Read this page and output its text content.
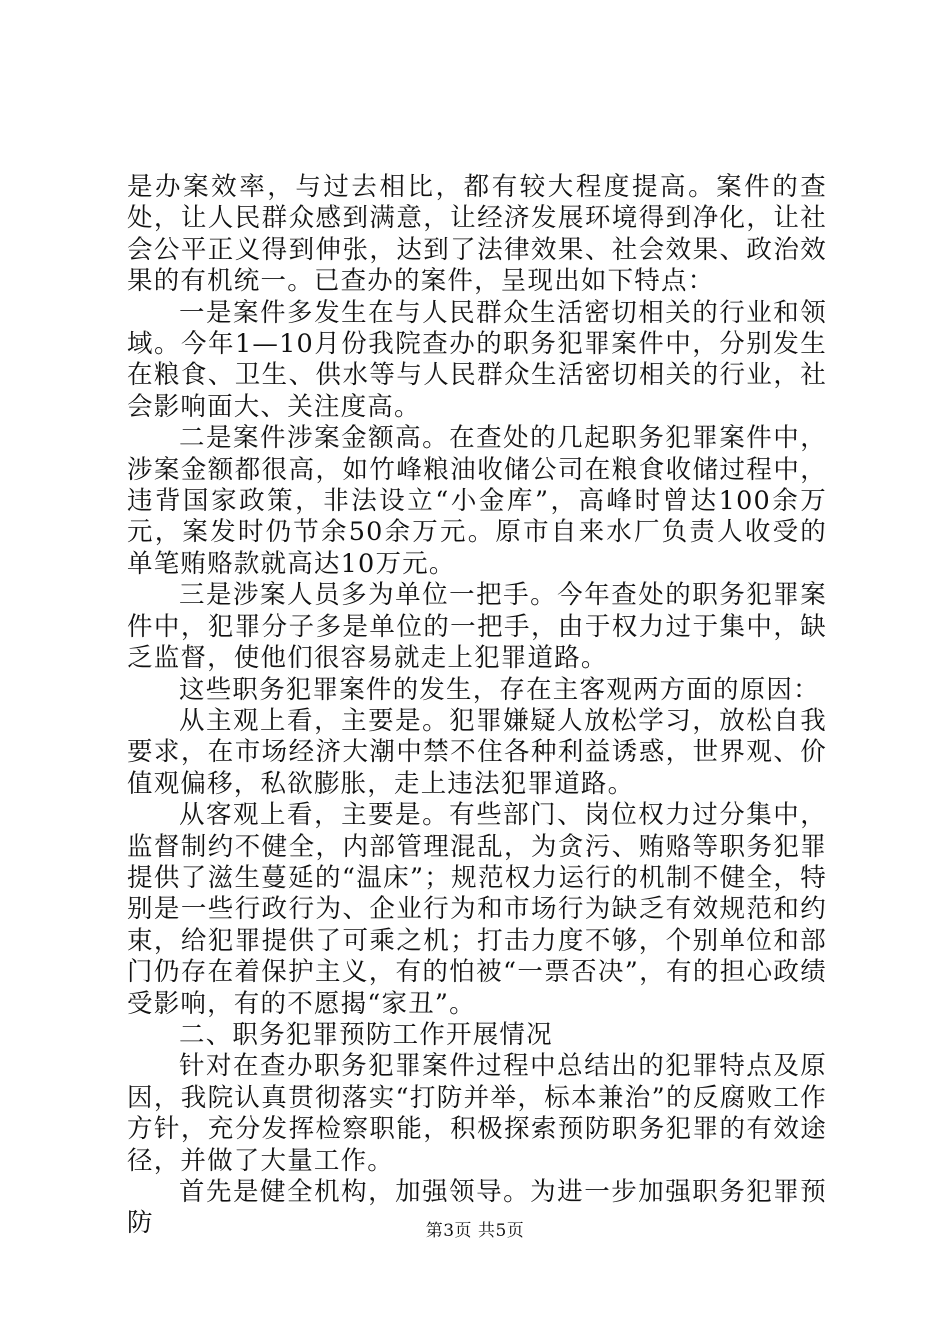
是办案效率，与过去相比，都有较大程度提高。案件的查处，让人民群众感到满意，让经济发展环境得到净化，让社会公平正义得到伸张，达到了法律效果、社会效果、政治效果的有机统一。已查办的案件，呈现出如下特点：

一是案件多发生在与人民群众生活密切相关的行业和领域。今年1—10月份我院查办的职务犯罪案件中，分别发生在粮食、卫生、供水等与人民群众生活密切相关的行业，社会影响面大、关注度高。

二是案件涉案金额高。在查处的几起职务犯罪案件中，涉案金额都很高，如竹峰粮油收储公司在粮食收储过程中，违背国家政策，非法设立“小金库”，高峰时曾达100余万元，案发时仍节余50余万元。原市自来水厂负责人收受的单笔贿赂款就高达10万元。

三是涉案人员多为单位一把手。今年查处的职务犯罪案件中，犯罪分子多是单位的一把手，由于权力过于集中，缺乏监督，使他们很容易就走上犯罪道路。

这些职务犯罪案件的发生，存在主客观两方面的原因：

从主观上看，主要是。犯罪嫌疑人放松学习，放松自我要求，在市场经济大潮中禁不住各种利益诱惑，世界观、价值观偏移，私欲膨胀，走上违法犯罪道路。

从客观上看，主要是。有些部门、岗位权力过分集中，监督制约不健全，内部管理混乱，为贪污、贿赂等职务犯罪提供了滋生蔓延的“温床”；规范权力运行的机制不健全，特别是一些行政行为、企业行为和市场行为缺乏有效规范和约束，给犯罪提供了可乘之机；打击力度不够，个别单位和部门仍存在着保护主义，有的怕被“一票否决”，有的担心政绩受影响，有的不愿揭“家丑”。

二、职务犯罪预防工作开展情况

针对在查办职务犯罪案件过程中总结出的犯罪特点及原因，我院认真贯彻落实“打防并举，标本兼治”的反腐败工作方针，充分发挥检察职能，积极探索预防职务犯罪的有效途径，并做了大量工作。

首先是健全机构，加强领导。为进一步加强职务犯罪预防	第3页 共5页
